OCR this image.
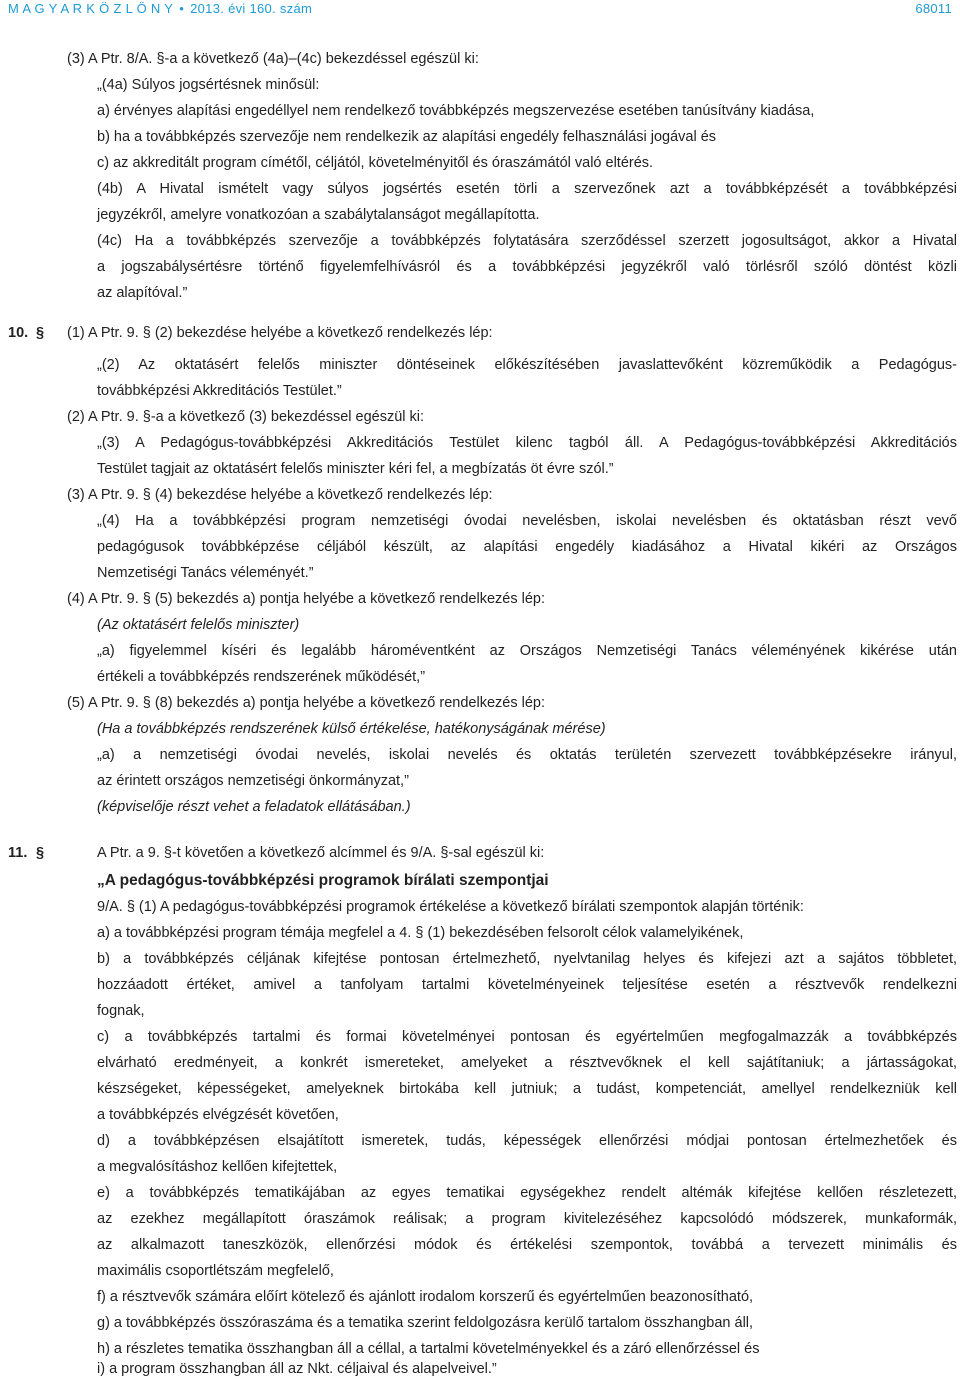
M A G Y A R K Ö Z L Ö N Y • 2013. évi 160. szám	68011
10. §
11. §
(3) A Ptr. 8/A. §-a a következő (4a)–(4c) bekezdéssel egészül ki:
„(4a) Súlyos jogsértésnek minősül:
a) érvényes alapítási engedéllyel nem rendelkező továbbképzés megszervezése esetében tanúsítvány kiadása,
b) ha a továbbképzés szervezője nem rendelkezik az alapítási engedély felhasználási jogával és
c) az akkreditált program címétől, céljától, követelményitől és óraszámától való eltérés.
(4b) A Hivatal ismételt vagy súlyos jogsértés esetén törli a szervezőnek azt a továbbképzését a továbbképzési
jegyzékről, amelyre vonatkozóan a szabálytalanságot megállapította.
(4c) Ha a továbbképzés szervezője a továbbképzés folytatására szerződéssel szerzett jogosultságot, akkor a Hivatal
a jogszabálysértésre történő figyelemfelhívásról és a továbbképzési jegyzékről való törlésről szóló döntést közli
az alapítóval.”
(1) A Ptr. 9. § (2) bekezdése helyébe a következő rendelkezés lép:
„(2) Az oktatásért felelős miniszter döntéseinek előkészítésében javaslattevőként közreműködik a Pedagógus-
továbbképzési Akkreditációs Testület.”
(2) A Ptr. 9. §-a a következő (3) bekezdéssel egészül ki:
„(3) A Pedagógus-továbbképzési Akkreditációs Testület kilenc tagból áll. A Pedagógus-továbbképzési Akkreditációs
Testület tagjait az oktatásért felelős miniszter kéri fel, a megbízatás öt évre szól.”
(3) A Ptr. 9. § (4) bekezdése helyébe a következő rendelkezés lép:
„(4) Ha a továbbképzési program nemzetiségi óvodai nevelésben, iskolai nevelésben és oktatásban részt vevő
pedagógusok továbbképzése céljából készült, az alapítási engedély kiadásához a Hivatal kikéri az Országos
Nemzetiségi Tanács véleményét.”
(4) A Ptr. 9. § (5) bekezdés a) pontja helyébe a következő rendelkezés lép:
(Az oktatásért felelős miniszter)
„a) figyelemmel kíséri és legalább hároméventként az Országos Nemzetiségi Tanács véleményének kikérése után
értékeli a továbbképzés rendszerének működését,”
(5) A Ptr. 9. § (8) bekezdés a) pontja helyébe a következő rendelkezés lép:
(Ha a továbbképzés rendszerének külső értékelése, hatékonyságának mérése)
„a) a nemzetiségi óvodai nevelés, iskolai nevelés és oktatás területén szervezett továbbképzésekre irányul,
az érintett országos nemzetiségi önkormányzat,”
(képviselője részt vehet a feladatok ellátásában.)
A Ptr. a 9. §-t követően a következő alcímmel és 9/A. §-sal egészül ki:
„A pedagógus-továbbképzési programok bírálati szempontjai
9/A. § (1) A pedagógus-továbbképzési programok értékelése a következő bírálati szempontok alapján történik:
a) a továbbképzési program témája megfelel a 4. § (1) bekezdésében felsorolt célok valamelyikének,
b) a továbbképzés céljának kifejtése pontosan értelmezhető, nyelvtanilag helyes és kifejezi azt a sajátos többletet,
hozzáadott értéket, amivel a tanfolyam tartalmi követelményeinek teljesítése esetén a résztvevők rendelkezni
fognak,
c) a továbbképzés tartalmi és formai követelményei pontosan és egyértelműen megfogalmazzák a továbbképzés
elvárható eredményeit, a konkrét ismereteket, amelyeket a résztvevőknek el kell sajátítaniuk; a jártasságokat,
készségeket, képességeket, amelyeknek birtokába kell jutniuk; a tudást, kompetenciát, amellyel rendelkezniük kell
a továbbképzés elvégzését követően,
d) a továbbképzésen elsajátított ismeretek, tudás, képességek ellenőrzési módjai pontosan értelmezhetőek és
a megvalósításhoz kellően kifejtettek,
e) a továbbképzés tematikájában az egyes tematikai egységekhez rendelt altémák kifejtése kellően részletezett,
az ezekhez megállapított óraszámok reálisak; a program kivitelezéséhez kapcsolódó módszerek, munkaformák,
az alkalmazott taneszközök, ellenőrzési módok és értékelési szempontok, továbbá a tervezett minimális és
maximális csoportlétszám megfelelő,
f) a résztvevők számára előírt kötelező és ajánlott irodalom korszerű és egyértelműen beazonosítható,
g) a továbbképzés összóraszáma és a tematika szerint feldolgozásra kerülő tartalom összhangban áll,
h) a részletes tematika összhangban áll a céllal, a tartalmi követelményekkel és a záró ellenőrzéssel és
i) a program összhangban áll az Nkt. céljaival és alapelveivel.”
